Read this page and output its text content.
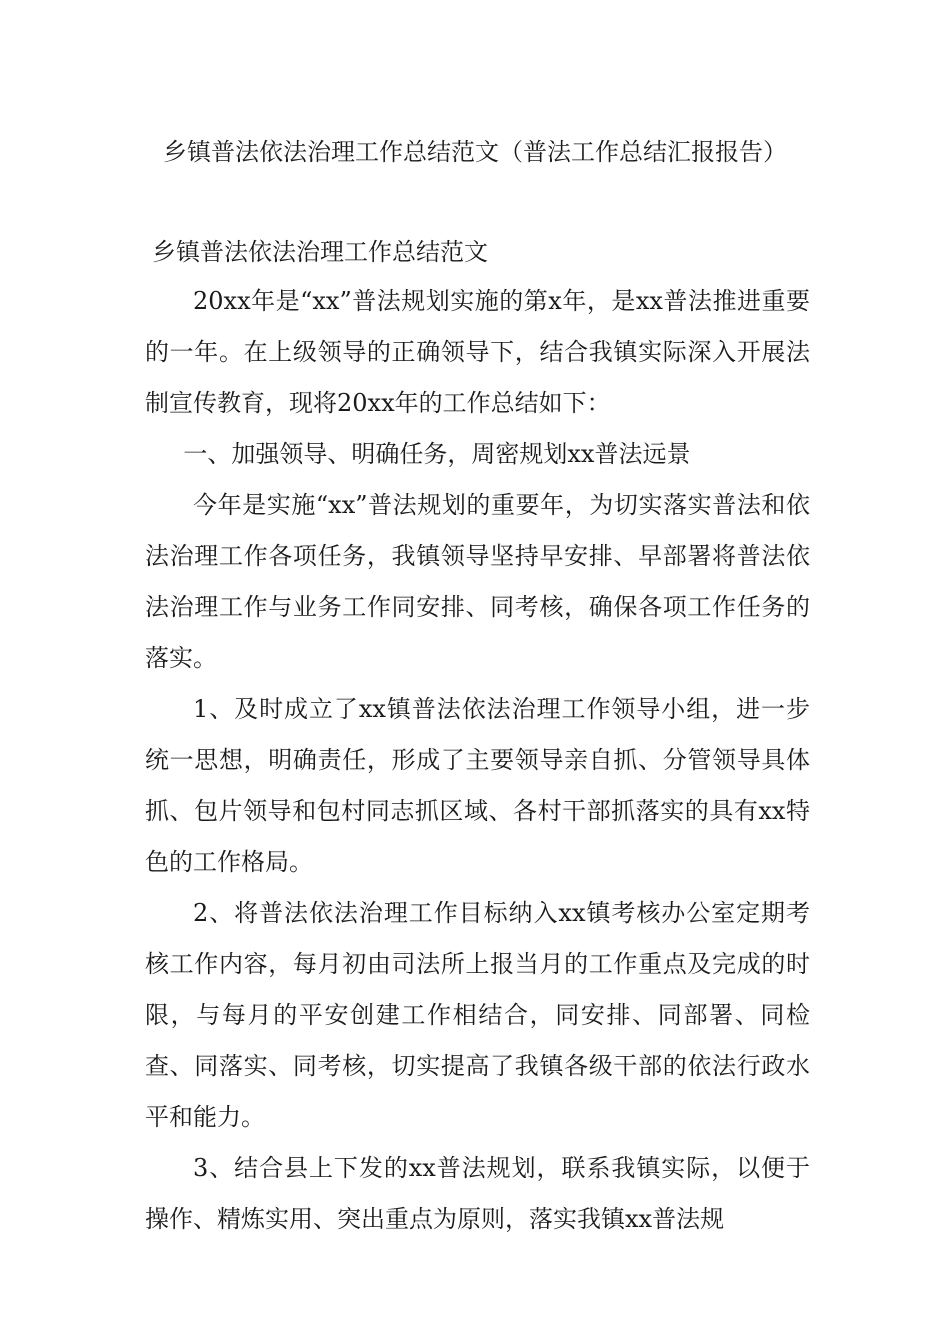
乡镇普法依法治理工作总结范文（普法工作总结汇报报告）
乡镇普法依法治理工作总结范文

20xx年是“xx”普法规划实施的第x年，是xx普法推进重要的一年。在上级领导的正确领导下，结合我镇实际深入开展法制宣传教育，现将20xx年的工作总结如下：

一、加强领导、明确任务，周密规划xx普法远景

今年是实施“xx”普法规划的重要年，为切实落实普法和依法治理工作各项任务，我镇领导坚持早安排、早部署将普法依法治理工作与业务工作同安排、同考核，确保各项工作任务的落实。

1、及时成立了xx镇普法依法治理工作领导小组，进一步统一思想，明确责任，形成了主要领导亲自抓、分管领导具体抓、包片领导和包村同志抓区域、各村干部抓落实的具有xx特色的工作格局。

2、将普法依法治理工作目标纳入xx镇考核办公室定期考核工作内容，每月初由司法所上报当月的工作重点及完成的时限，与每月的平安创建工作相结合，同安排、同部署、同检查、同落实、同考核，切实提高了我镇各级干部的依法行政水平和能力。

3、结合县上下发的xx普法规划，联系我镇实际，以便于操作、精炼实用、突出重点为原则，落实我镇xx普法规
